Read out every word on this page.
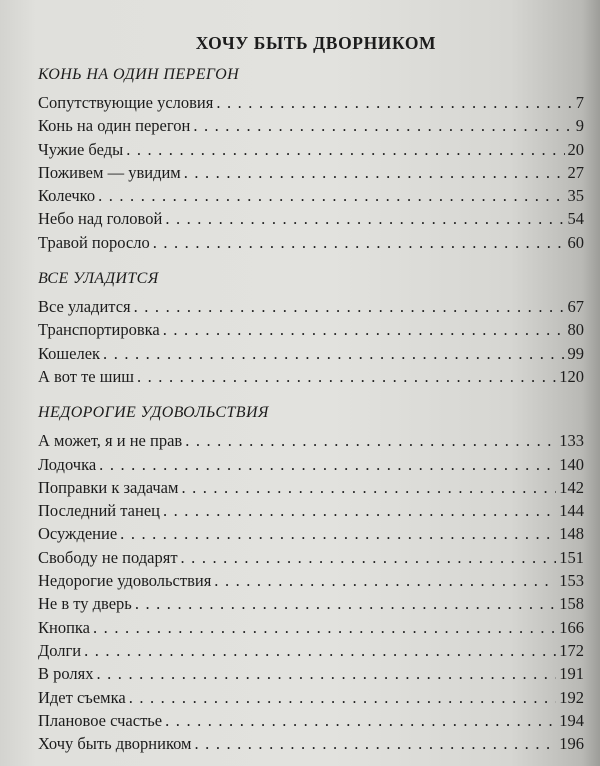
ХОЧУ БЫТЬ ДВОРНИКОМ
КОНЬ НА ОДИН ПЕРЕГОН
Сопутствующие условия . . .	7
Конь на один перегон . . .	9
Чужие беды . . .	20
Поживем — увидим . . .	27
Колечко . . .	35
Небо над головой . . .	54
Травой поросло . . .	60
ВСЕ УЛАДИТСЯ
Все уладится . . .	67
Транспортировка . . .	80
Кошелек . . .	99
А вот те шиш . . .	120
НЕДОРОГИЕ УДОВОЛЬСТВИЯ
А может, я и не прав . . .	133
Лодочка . . .	140
Поправки к задачам . . .	142
Последний танец . . .	144
Осуждение . . .	148
Свободу не подарят . . .	151
Недорогие удовольствия . . .	153
Не в ту дверь . . .	158
Кнопка . . .	166
Долги . . .	172
В ролях . . .	191
Идет съемка . . .	192
Плановое счастье . . .	194
Хочу быть дворником . . .	196
